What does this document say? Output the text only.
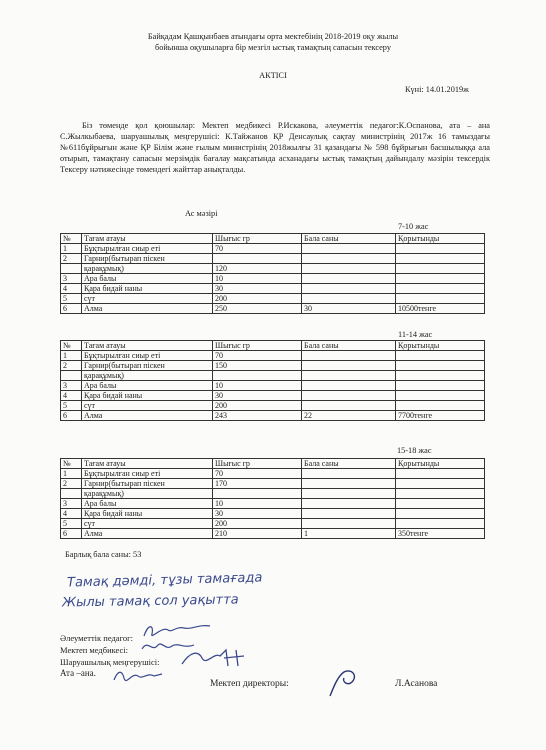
Байқадам Қашқынбаев атындағы орта мектебінің 2018-2019 оқу жылы
бойынша оқушыларға бір мезгіл ыстық тамақтың сапасын тексеру
АКТІСІ
Күні: 14.01.2019ж
Біз төменде қол қоюшылар: Мектеп медбикесі Р.Искакова, әлеуметтік педагог:К.Оспанова, ата – ана С.Жылкыбаева, шаруашылық меңгерушісі: К.Тайжанов ҚР Денсаулық сақтау министрінің 2017ж 16 тамыздағы №611бұйрығын және ҚР Білім және ғылым министрінің 2018жылғы 31 қазандағы № 598 бұйрығын басшылыққа ала отырып, тамақтану сапасын мерзімдік бағалау мақсатында асханадағы ыстық тамақтың дайындалу мәзірін тексердік Тексеру нәтижесінде төмендегі жайттар анықталды.
Ас мәзірі
7-10 жас
11-14 жас
15-18 жас
№	Тағам атауы	Шығыс гр	Бала саны	Қорытынды
1	Бұқтырылған сиыр еті	70		
2	Гарнир(бытырап піскен			
	қарақұмық)	120		
3	Ара балы	10		
4	Қара бидай наны	30		
5	сүт	200		
6	Алма	250	30	10500тенге
№	Тағам атауы	Шығыс гр	Бала саны	Қорытынды
1	Бұқтырылған сиыр еті	70		
2	Гарнир(бытырап піскен	150		
	қарақұмық)			
3	Ара балы	10		
4	Қара бидай наны	30		
5	сүт	200		
6	Алма	243	22	7700тенге
№	Тағам атауы	Шығыс гр	Бала саны	Қорытынды
1	Бұқтырылған сиыр еті	70		
2	Гарнир(бытырап піскен	170		
	қарақұмық)			
3	Ара балы	10		
4	Қара бидай наны	30		
5	сүт	200		
6	Алма	210	1	350тенге
Барлық бала саны: 53
Тамақ дәмді, тұзы тамағада
Жылы тамақ сол уақытта
Әлеуметтік педагог:
Мектеп медбикесі:
Шаруашылық меңгерушісі:
Ата –ана.
Мектеп директоры:	Л.Асанова
